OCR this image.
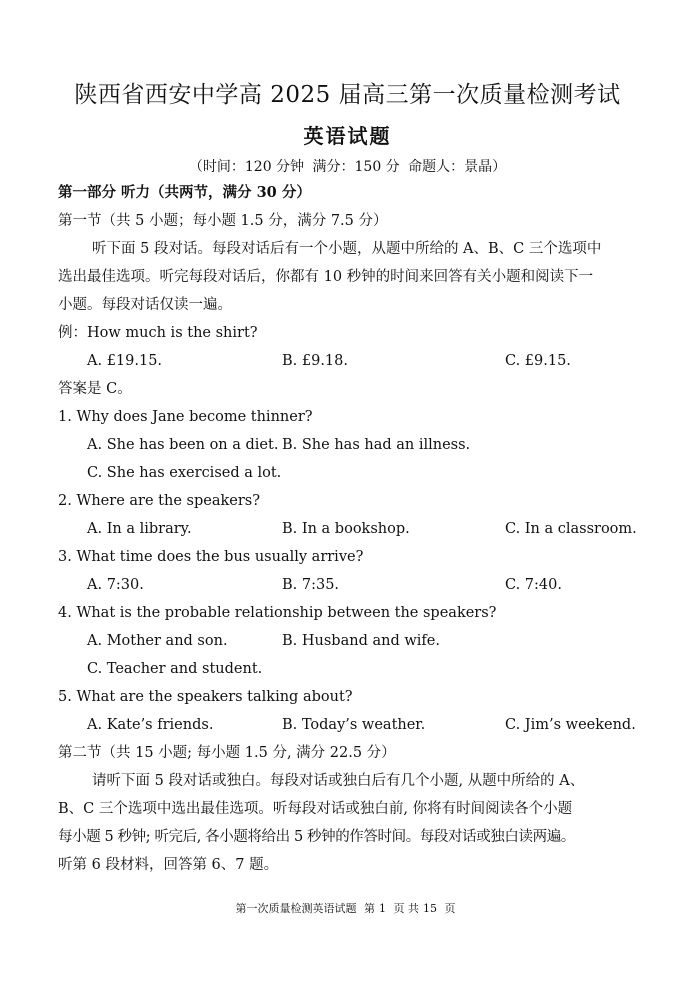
陕西省西安中学高 2025 届高三第一次质量检测考试
英语试题
（时间：120 分钟 满分：150 分 命题人：景晶）
第一部分 听力（共两节，满分 30 分）
第一节（共 5 小题；每小题 1.5 分，满分 7.5 分）
听下面 5 段对话。每段对话后有一个小题，从题中所给的 A、B、C 三个选项中
选出最佳选项。听完每段对话后，你都有 10 秒钟的时间来回答有关小题和阅读下一
小题。每段对话仅读一遍。
例：How much is the shirt?
A. £19.15.	B. £9.18.	C. £9.15.
答案是 C。
1. Why does Jane become thinner?
A. She has been on a diet. B. She has had an illness.
C. She has exercised a lot.
2. Where are the speakers?
A. In a library.	B. In a bookshop.	C. In a classroom.
3. What time does the bus usually arrive?
A. 7:30.	B. 7:35.	C. 7:40.
4. What is the probable relationship between the speakers?
A. Mother and son.	B. Husband and wife.
C. Teacher and student.
5. What are the speakers talking about?
A. Kate’s friends.	B. Today’s weather.	C. Jim’s weekend.
第二节（共 15 小题; 每小题 1.5 分, 满分 22.5 分）
请听下面 5 段对话或独白。每段对话或独白后有几个小题, 从题中所给的 A、
B、C 三个选项中选出最佳选项。听每段对话或独白前, 你将有时间阅读各个小题
每小题 5 秒钟; 听完后, 各小题将给出 5 秒钟的作答时间。每段对话或独白读两遍。
听第 6 段材料，回答第 6、7 题。
第一次质量检测英语试题 第 1 页 共 15 页
